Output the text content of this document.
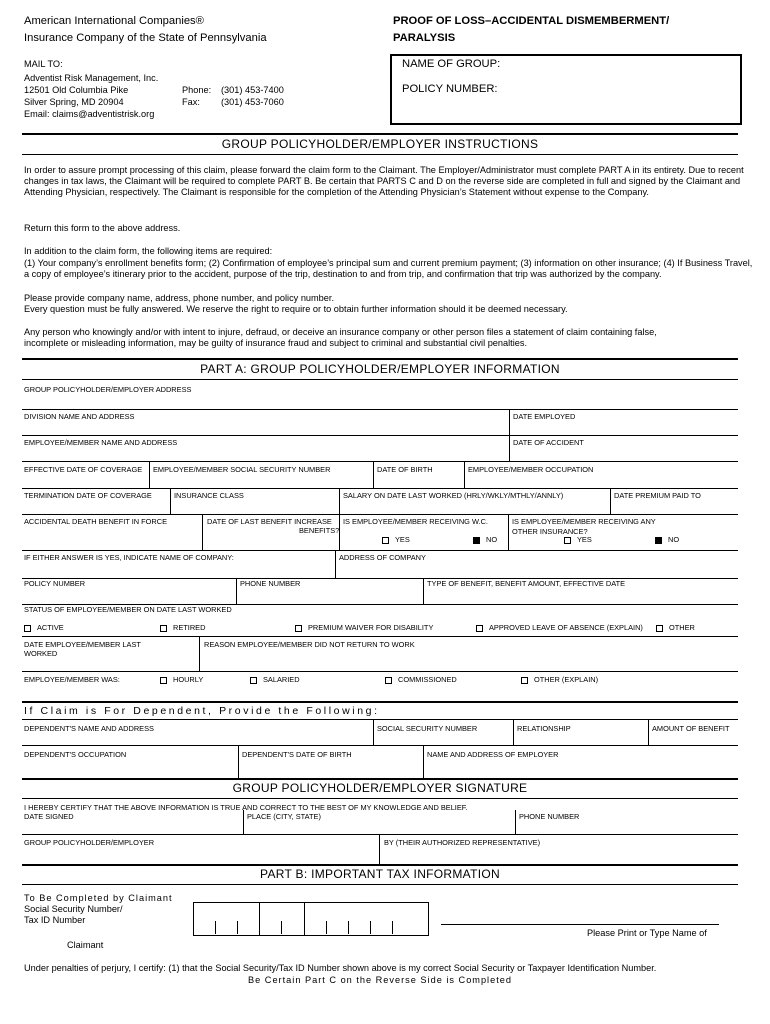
American International Companies®
Insurance Company of the State of Pennsylvania
PROOF OF LOSS–ACCIDENTAL DISMEMBERMENT/
PARALYSIS
MAIL TO:
Adventist Risk Management, Inc.
12501 Old Columbia Pike
Silver Spring, MD 20904
Email: claims@adventistrisk.org
Phone: (301) 453-7400
Fax: (301) 453-7060
NAME OF GROUP:
POLICY NUMBER:
GROUP POLICYHOLDER/EMPLOYER INSTRUCTIONS
In order to assure prompt processing of this claim, please forward the claim form to the Claimant. The Employer/Administrator must complete PART A in its entirety. Due to recent changes in tax laws, the Claimant will be required to complete PART B. Be certain that PARTS C and D on the reverse side are completed in full and signed by the Claimant and Attending Physician, respectively. The Claimant is responsible for the completion of the Attending Physician’s Statement without expense to the Company.
Return this form to the above address.
In addition to the claim form, the following items are required:
(1) Your company’s enrollment benefits form; (2) Confirmation of employee’s principal sum and current premium payment; (3) information on other insurance; (4) If Business Travel, a copy of employee’s itinerary prior to the accident, purpose of the trip, destination to and from trip, and confirmation that trip was authorized by the company.
Please provide company name, address, phone number, and policy number.
Every question must be fully answered. We reserve the right to require or to obtain further information should it be deemed necessary.
Any person who knowingly and/or with intent to injure, defraud, or deceive an insurance company or other person files a statement of claim containing false, incomplete or misleading information, may be guilty of insurance fraud and subject to criminal and substantial civil penalties.
PART A: GROUP POLICYHOLDER/EMPLOYER INFORMATION
GROUP POLICYHOLDER/EMPLOYER ADDRESS
DIVISION NAME AND ADDRESS	DATE EMPLOYED
EMPLOYEE/MEMBER NAME AND ADDRESS	DATE OF ACCIDENT
EFFECTIVE DATE OF COVERAGE EMPLOYEE/MEMBER SOCIAL SECURITY NUMBER	DATE OF BIRTH	EMPLOYEE/MEMBER OCCUPATION
TERMINATION DATE OF COVERAGE	INSURANCE CLASS	SALARY ON DATE LAST WORKED (HRLY/WKLY/MTHLY/ANNLY)	DATE PREMIUM PAID TO
ACCIDENTAL DEATH BENEFIT IN FORCE	DATE OF LAST BENEFIT INCREASE
BENEFITS?
IS EMPLOYEE/MEMBER RECEIVING W.C.
YES	NO
IS EMPLOYEE/MEMBER RECEIVING ANY
OTHER INSURANCE?
YES	NO
IF EITHER ANSWER IS YES, INDICATE NAME OF COMPANY:	ADDRESS OF COMPANY
POLICY NUMBER	PHONE NUMBER	TYPE OF BENEFIT, BENEFIT AMOUNT, EFFECTIVE DATE
STATUS OF EMPLOYEE/MEMBER ON DATE LAST WORKED
ACTIVE	RETIRED	PREMIUM WAIVER FOR DISABILITY	APPROVED LEAVE OF ABSENCE (EXPLAIN)	OTHER
DATE EMPLOYEE/MEMBER LAST
WORKED
REASON EMPLOYEE/MEMBER DID NOT RETURN TO WORK
EMPLOYEE/MEMBER WAS:	HOURLY	SALARIED	COMMISSIONED	OTHER (EXPLAIN)
If Claim is For Dependent, Provide the Following:
DEPENDENT'S NAME AND ADDRESS	SOCIAL SECURITY NUMBER	RELATIONSHIP	AMOUNT OF BENEFIT
DEPENDENT'S OCCUPATION	DEPENDENT'S DATE OF BIRTH	NAME AND ADDRESS OF EMPLOYER
GROUP POLICYHOLDER/EMPLOYER SIGNATURE
I HEREBY CERTIFY THAT THE ABOVE INFORMATION IS TRUE AND CORRECT TO THE BEST OF MY KNOWLEDGE AND BELIEF.
DATE SIGNED	PLACE (CITY, STATE)	PHONE NUMBER
GROUP POLICYHOLDER/EMPLOYER	BY (THEIR AUTHORIZED REPRESENTATIVE)
PART B: IMPORTANT TAX INFORMATION
To Be Completed by Claimant
Social Security Number/
Tax ID Number
Please Print or Type Name of
Claimant
Under penalties of perjury, I certify: (1) that the Social Security/Tax ID Number shown above is my correct Social Security or Taxpayer Identification Number.
Be Certain Part C on the Reverse Side is Completed
